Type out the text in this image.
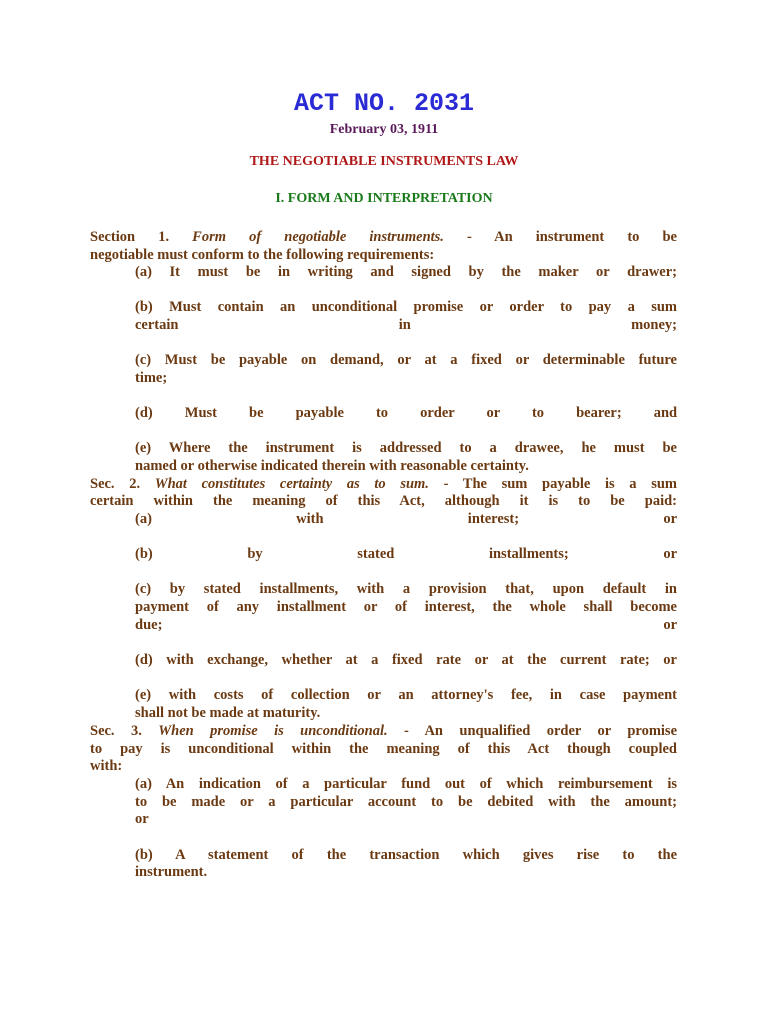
ACT NO. 2031
February 03, 1911
THE NEGOTIABLE INSTRUMENTS LAW
I. FORM AND INTERPRETATION
Section 1. Form of negotiable instruments. - An instrument to be
negotiable must conform to the following requirements:
(a) It must be in writing and signed by the maker or drawer;
(b) Must contain an unconditional promise or order to pay a sum
certain	in	money;
(c) Must be payable on demand, or at a fixed or determinable future
time;
(d) Must be payable to order or to bearer; and
(e) Where the instrument is addressed to a drawee, he must be
named or otherwise indicated therein with reasonable certainty.
Sec. 2. What constitutes certainty as to sum. - The sum payable is a sum
certain within the meaning of this Act, although it is to be paid:
(a)	with	interest;	or
(b)	by	stated	installments;	or
(c) by stated installments, with a provision that, upon default in
payment of any installment or of interest, the whole shall become
due;	or
(d) with exchange, whether at a fixed rate or at the current rate; or
(e) with costs of collection or an attorney's fee, in case payment
shall not be made at maturity.
Sec. 3. When promise is unconditional. - An unqualified order or promise
to pay is unconditional within the meaning of this Act though coupled
with:
(a) An indication of a particular fund out of which reimbursement is
to be made or a particular account to be debited with the amount;
or
(b) A statement of the transaction which gives rise to the
instrument.
